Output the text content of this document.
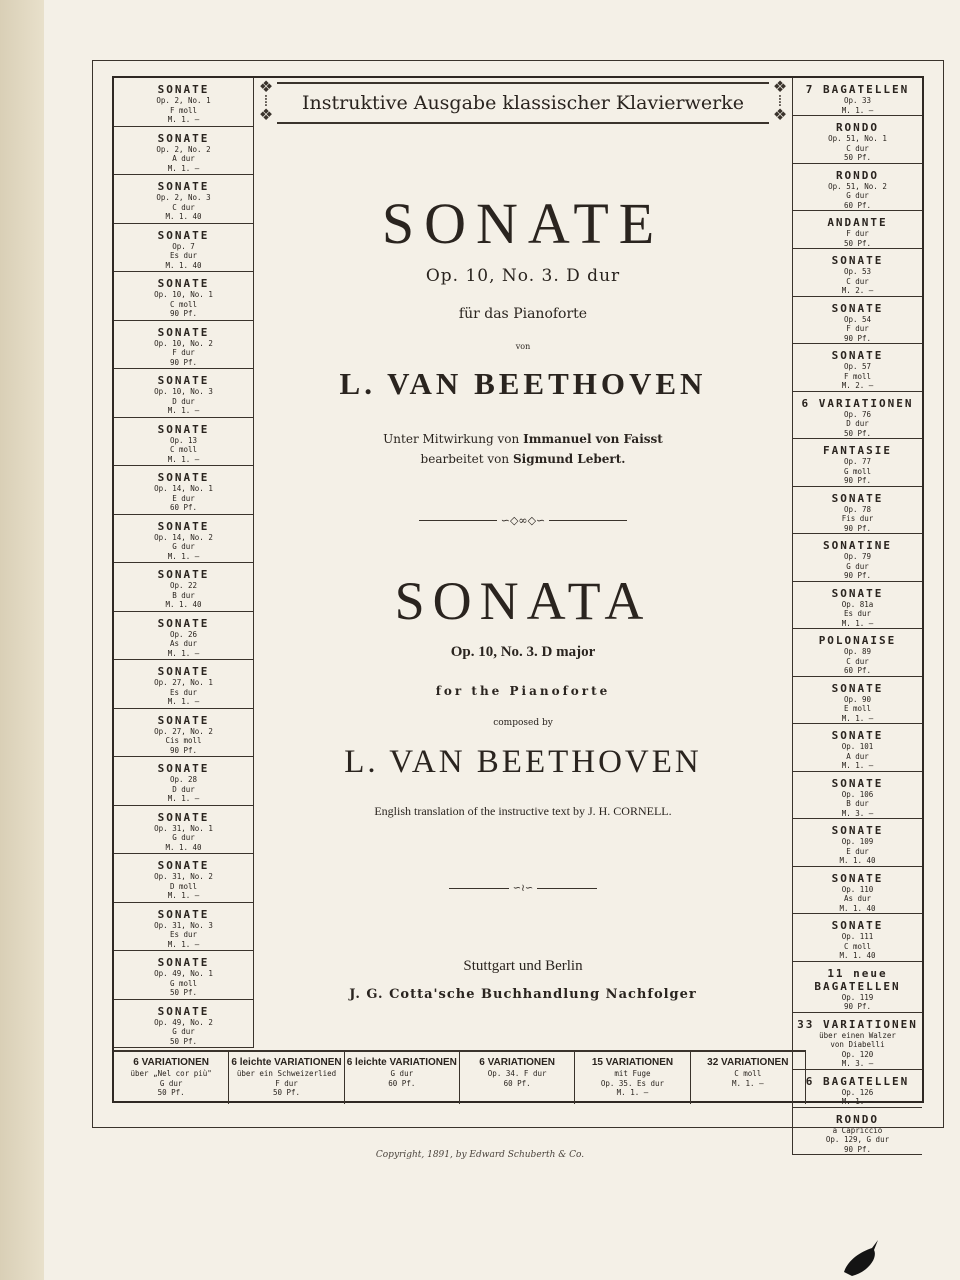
SONATE
Op. 2, No. 1
F moll
M. 1. —
SONATE
Op. 2, No. 2
A dur
M. 1. —
SONATE
Op. 2, No. 3
C dur
M. 1. 40
SONATE
Op. 7
Es dur
M. 1. 40
SONATE
Op. 10, No. 1
C moll
90 Pf.
SONATE
Op. 10, No. 2
F dur
90 Pf.
SONATE
Op. 10, No. 3
D dur
M. 1. —
SONATE
Op. 13
C moll
M. 1. —
SONATE
Op. 14, No. 1
E dur
60 Pf.
SONATE
Op. 14, No. 2
G dur
M. 1. —
SONATE
Op. 22
B dur
M. 1. 40
SONATE
Op. 26
As dur
M. 1. —
SONATE
Op. 27, No. 1
Es dur
M. 1. —
SONATE
Op. 27, No. 2
Cis moll
90 Pf.
SONATE
Op. 28
D dur
M. 1. —
SONATE
Op. 31, No. 1
G dur
M. 1. 40
SONATE
Op. 31, No. 2
D moll
M. 1. —
SONATE
Op. 31, No. 3
Es dur
M. 1. —
SONATE
Op. 49, No. 1
G moll
50 Pf.
SONATE
Op. 49, No. 2
G dur
50 Pf.
7 BAGATELLEN
Op. 33
M. 1. —
RONDO
Op. 51, No. 1
C dur
50 Pf.
RONDO
Op. 51, No. 2
G dur
60 Pf.
ANDANTE
F dur
50 Pf.
SONATE
Op. 53
C dur
M. 2. —
SONATE
Op. 54
F dur
90 Pf.
SONATE
Op. 57
F moll
M. 2. —
6 VARIATIONEN
Op. 76
D dur
50 Pf.
FANTASIE
Op. 77
G moll
90 Pf.
SONATE
Op. 78
Fis dur
90 Pf.
SONATINE
Op. 79
G dur
90 Pf.
SONATE
Op. 81a
Es dur
M. 1. —
POLONAISE
Op. 89
C dur
60 Pf.
SONATE
Op. 90
E moll
M. 1. —
SONATE
Op. 101
A dur
M. 1. —
SONATE
Op. 106
B dur
M. 3. —
SONATE
Op. 109
E dur
M. 1. 40
SONATE
Op. 110
As dur
M. 1. 40
SONATE
Op. 111
C moll
M. 1. 40
11 neue BAGATELLEN
Op. 119
90 Pf.
33 VARIATIONEN
über einen Walzer
von Diabelli
Op. 120
M. 3. —
6 BAGATELLEN
Op. 126
M. 1. —
RONDO
a Capriccio
Op. 129, G dur
90 Pf.
6 VARIATIONEN
über „Nel cor più"
G dur
50 Pf.
6 leichte VARIATIONEN
über ein Schweizerlied
F dur
50 Pf.
6 leichte VARIATIONEN
G dur
60 Pf.
6 VARIATIONEN
Op. 34. F dur
60 Pf.
15 VARIATIONEN
mit Fuge
Op. 35. Es dur
M. 1. —
32 VARIATIONEN
C moll
M. 1. —
❖
⁞
❖
Instruktive Ausgabe klassischer Klavierwerke
❖
⁞
❖
SONATE
Op. 10, No. 3. D dur
für das Pianoforte
von
L. VAN BEETHOVEN
Unter Mitwirkung von Immanuel von Faisst
bearbeitet von Sigmund Lebert.
∽◇∞◇∽
SONATA
Op. 10, No. 3. D major
for the Pianoforte
composed by
L. VAN BEETHOVEN
English translation of the instructive text by J. H. CORNELL.
∽≀∽
Stuttgart und Berlin
J. G. Cotta'sche Buchhandlung Nachfolger
Copyright, 1891, by Edward Schuberth & Co.
